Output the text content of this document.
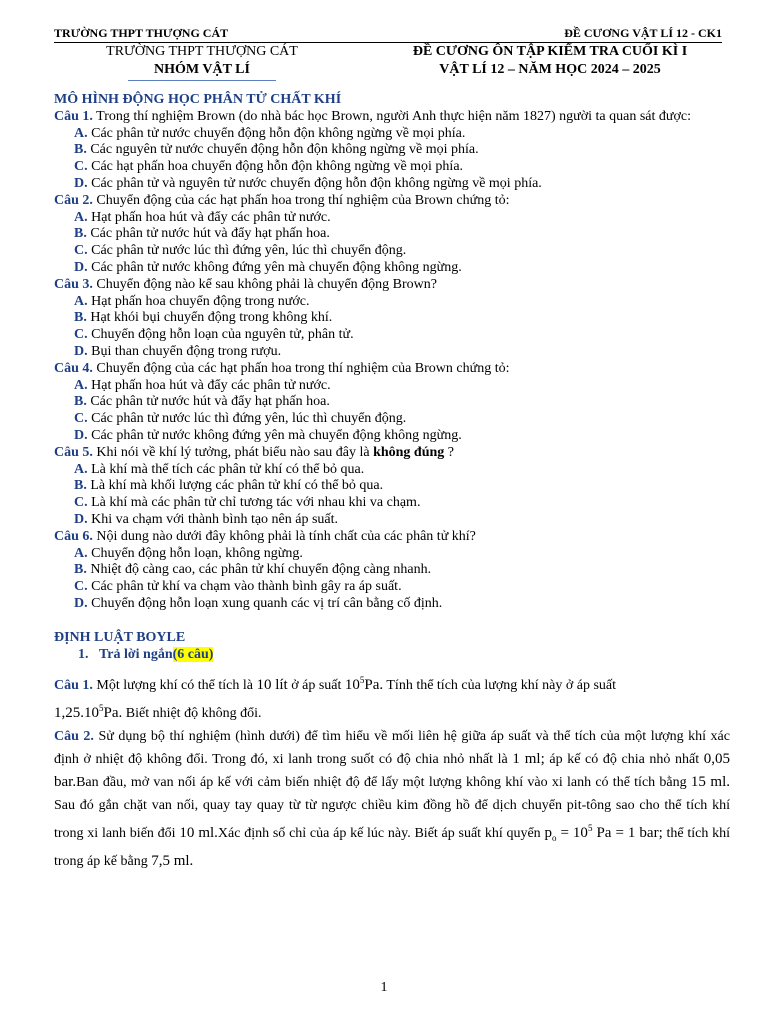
TRƯỜNG THPT THƯỢNG CÁT	ĐỀ CƯƠNG VẬT LÍ 12 - CK1
TRƯỜNG THPT THƯỢNG CÁT
NHÓM VẬT LÍ
ĐỀ CƯƠNG ÔN TẬP KIỂM TRA CUỐI KÌ I
VẬT LÍ 12 – NĂM HỌC 2024 – 2025

MÔ HÌNH ĐỘNG HỌC PHÂN TỬ CHẤT KHÍ

Câu 1. Trong thí nghiệm Brown (do nhà bác học Brown, người Anh thực hiện năm 1827) người ta quan sát được:

A. Các phân tử nước chuyển động hỗn độn không ngừng về mọi phía.

B. Các nguyên tử nước chuyển động hỗn độn không ngừng về mọi phía.

C. Các hạt phấn hoa chuyển động hỗn độn không ngừng về mọi phía.

D. Các phân tử và nguyên tử nước chuyển động hỗn độn không ngừng về mọi phía.

Câu 2. Chuyển động của các hạt phấn hoa trong thí nghiệm của Brown chứng tỏ:

A. Hạt phấn hoa hút và đẩy các phân tử nước.

B. Các phân tử nước hút và đẩy hạt phấn hoa.

C. Các phân tử nước lúc thì đứng yên, lúc thì chuyển động.

D. Các phân tử nước không đứng yên mà chuyển động không ngừng.

Câu 3. Chuyển động nào kể sau không phải là chuyển động Brown?

A. Hạt phấn hoa chuyển động trong nước.

B. Hạt khói bụi chuyển động trong không khí.

C. Chuyển động hỗn loạn của nguyên tử, phân tử.

D. Bụi than chuyển động trong rượu.

Câu 4. Chuyển động của các hạt phấn hoa trong thí nghiệm của Brown chứng tỏ:

A. Hạt phấn hoa hút và đẩy các phân tử nước.

B. Các phân tử nước hút và đẩy hạt phấn hoa.

C. Các phân tử nước lúc thì đứng yên, lúc thì chuyển động.

D. Các phân tử nước không đứng yên mà chuyển động không ngừng.

Câu 5. Khi nói về khí lý tưởng, phát biểu nào sau đây là không đúng ?

A. Là khí mà thể tích các phân tử khí có thể bỏ qua.

B. Là khí mà khối lượng các phân tử khí có thể bỏ qua.

C. Là khí mà các phân tử chỉ tương tác với nhau khi va chạm.

D. Khi va chạm với thành bình tạo nên áp suất.

Câu 6. Nội dung nào dưới đây không phải là tính chất của các phân tử khí?

A. Chuyển động hỗn loạn, không ngừng.

B. Nhiệt độ càng cao, các phân tử khí chuyển động càng nhanh.

C. Các phân tử khí va chạm vào thành bình gây ra áp suất.

D. Chuyển động hỗn loạn xung quanh các vị trí cân bằng cố định.

ĐỊNH LUẬT BOYLE

1. Trả lời ngắn(6 câu)

Câu 1. Một lượng khí có thể tích là 10 lít ở áp suất $10^5Pa$. Tính thể tích của lượng khí này ở áp suất
1,25.10$^5$Pa. Biết nhiệt độ không đổi.

Câu 2. Sử dụng bộ thí nghiệm (hình dưới) để tìm hiểu về mối liên hệ giữa áp suất và thể tích của một lượng khí xác định ở nhiệt độ không đổi. Trong đó, xi lanh trong suốt có độ chia nhỏ nhất là 1 ml; áp kế có độ chia nhỏ nhất 0,05 bar.Ban đầu, mở van nối áp kế với cảm biến nhiệt độ để lấy một lượng không khí vào xi lanh có thể tích bằng 15 ml. Sau đó gắn chặt van nối, quay tay quay từ từ ngược chiều kim đồng hồ để dịch chuyển pit-tông sao cho thể tích khí trong xi lanh biến đổi 10 ml.Xác định số chỉ của áp kế lúc này. Biết áp suất khí quyển $p_o = 10^5$ Pa = 1 bar; thể tích khí trong áp kế bằng 7,5 ml.

1
